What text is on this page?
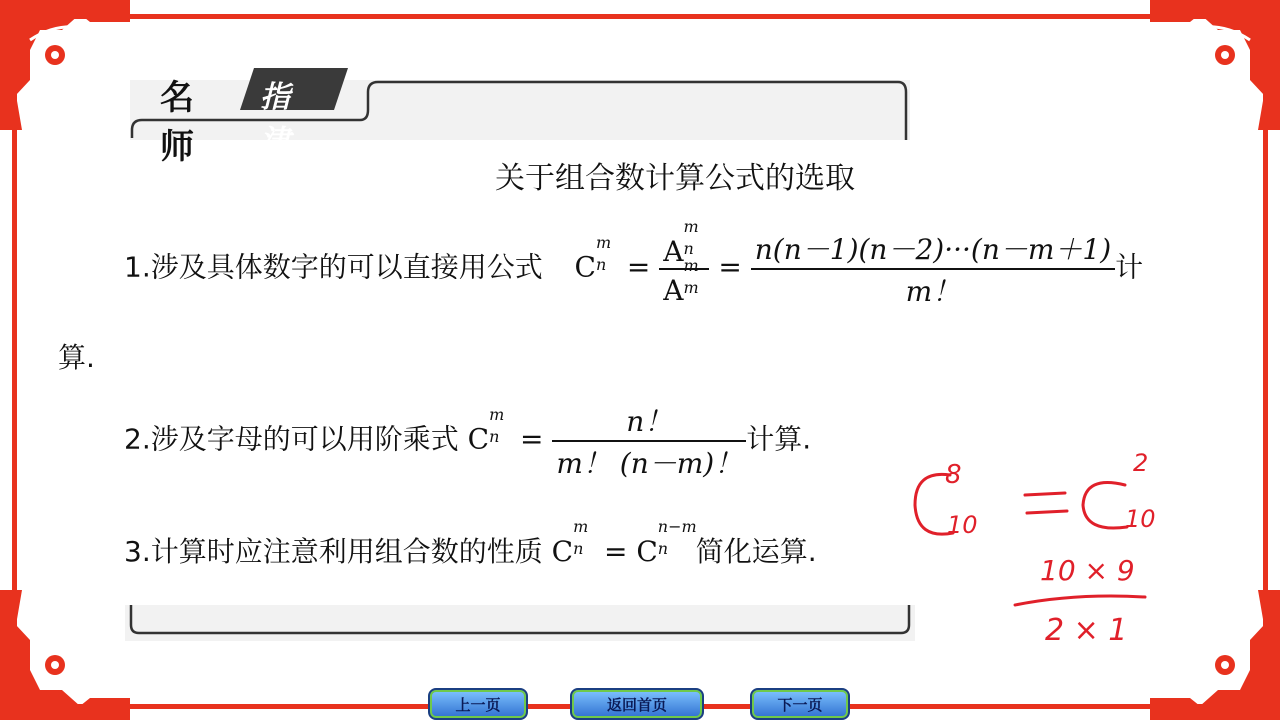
名师
指津
关于组合数计算公式的选取
1.涉及具体数字的可以直接用公式 C
m
n = A
m
n
A
m
$m = \frac{n(n-1)(n-2)\cdot\cdot\cdot(n-m+1)}{m!}$ 计
算.
2.涉及字母的可以用阶乘式 C
m
$n = \frac{n!}{m! (n-m)!}$ 计算.
3.计算时应注意利用组合数的性质 C
m
n = C
n−m
n 简化运算.
8
10
2
10
10 × 9
2 × 1
上一页	返回首页	下一页
